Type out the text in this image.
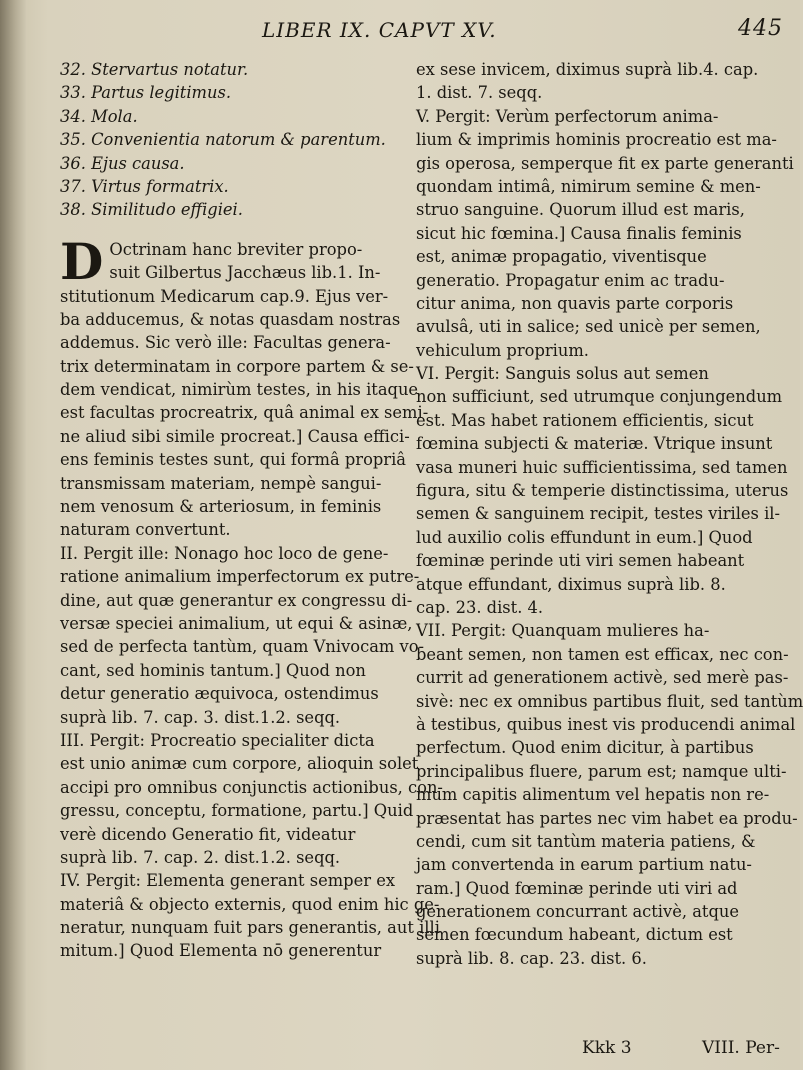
LIBER IX. CAPVT XV.	445
32. Stervartus notatur.
33. Partus legitimus.
34. Mola.
35. Convenientia natorum & parentum.
36. Ejus causa.
37. Virtus formatrix.
38. Similitudo effigiei.
D Octrinam hanc breviter propo-
suit Gilbertus Jacchæus lib.1. In-
stitutionum Medicarum cap.9. Ejus ver-
ba adducemus, & notas quasdam nostras
addemus. Sic verò ille: Facultas genera-
trix determinatam in corpore partem & se-
dem vendicat, nimirùm testes, in his itaque
est facultas procreatrix, quâ animal ex semi-
ne aliud sibi simile procreat.] Causa effici-
ens feminis testes sunt, qui formâ propriâ
transmissam materiam, nempè sangui-
nem venosum & arteriosum, in feminis
naturam convertunt.
II. Pergit ille: Nonago hoc loco de gene-
ratione animalium imperfectorum ex putre-
dine, aut quæ generantur ex congressu di-
versæ speciei animalium, ut equi & asinæ,
sed de perfecta tantùm, quam Vnivocam vo-
cant, sed hominis tantum.] Quod non
detur generatio æquivoca, ostendimus
suprà lib. 7. cap. 3. dist.1.2. seqq.
III. Pergit: Procreatio specialiter dicta
est unio animæ cum corpore, alioquin solet
accipi pro omnibus conjunctis actionibus, con-
gressu, conceptu, formatione, partu.] Quid
verè dicendo Generatio fit, videatur
suprà lib. 7. cap. 2. dist.1.2. seqq.
IV. Pergit: Elementa generant semper ex
materiâ & objecto externis, quod enim hic ge-
neratur, nunquam fuit pars generantis, aut illi
mitum.] Quod Elementa nō generentur
ex sese invicem, diximus suprà lib.4. cap.
1. dist. 7. seqq.
V. Pergit: Verùm perfectorum anima-
lium & imprimis hominis procreatio est ma-
gis operosa, semperque fit ex parte generanti
quondam intimâ, nimirum semine & men-
struo sanguine. Quorum illud est maris,
sicut hic fœmina.] Causa finalis feminis
est, animæ propagatio, viventisque
generatio. Propagatur enim ac tradu-
citur anima, non quavis parte corporis
avulsâ, uti in salice; sed unicè per semen,
vehiculum proprium.
VI. Pergit: Sanguis solus aut semen
non sufficiunt, sed utrumque conjungendum
est. Mas habet rationem efficientis, sicut
fœmina subjecti & materiæ. Vtrique insunt
vasa muneri huic sufficientissima, sed tamen
figura, situ & temperie distinctissima, uterus
semen & sanguinem recipit, testes viriles il-
lud auxilio colis effundunt in eum.] Quod
fœminæ perinde uti viri semen habeant
atque effundant, diximus suprà lib. 8.
cap. 23. dist. 4.
VII. Pergit: Quanquam mulieres ha-
beant semen, non tamen est efficax, nec con-
currit ad generationem activè, sed merè pas-
sivè: nec ex omnibus partibus fluit, sed tantùm
à testibus, quibus inest vis producendi animal
perfectum. Quod enim dicitur, à partibus
principalibus fluere, parum est; namque ulti-
mum capitis alimentum vel hepatis non re-
præsentat has partes nec vim habet ea produ-
cendi, cum sit tantùm materia patiens, &
jam convertenda in earum partium natu-
ram.] Quod fœminæ perinde uti viri ad
generationem concurrant activè, atque
semen fœcundum habeant, dictum est
suprà lib. 8. cap. 23. dist. 6.
Kkk 3	VIII. Per-
